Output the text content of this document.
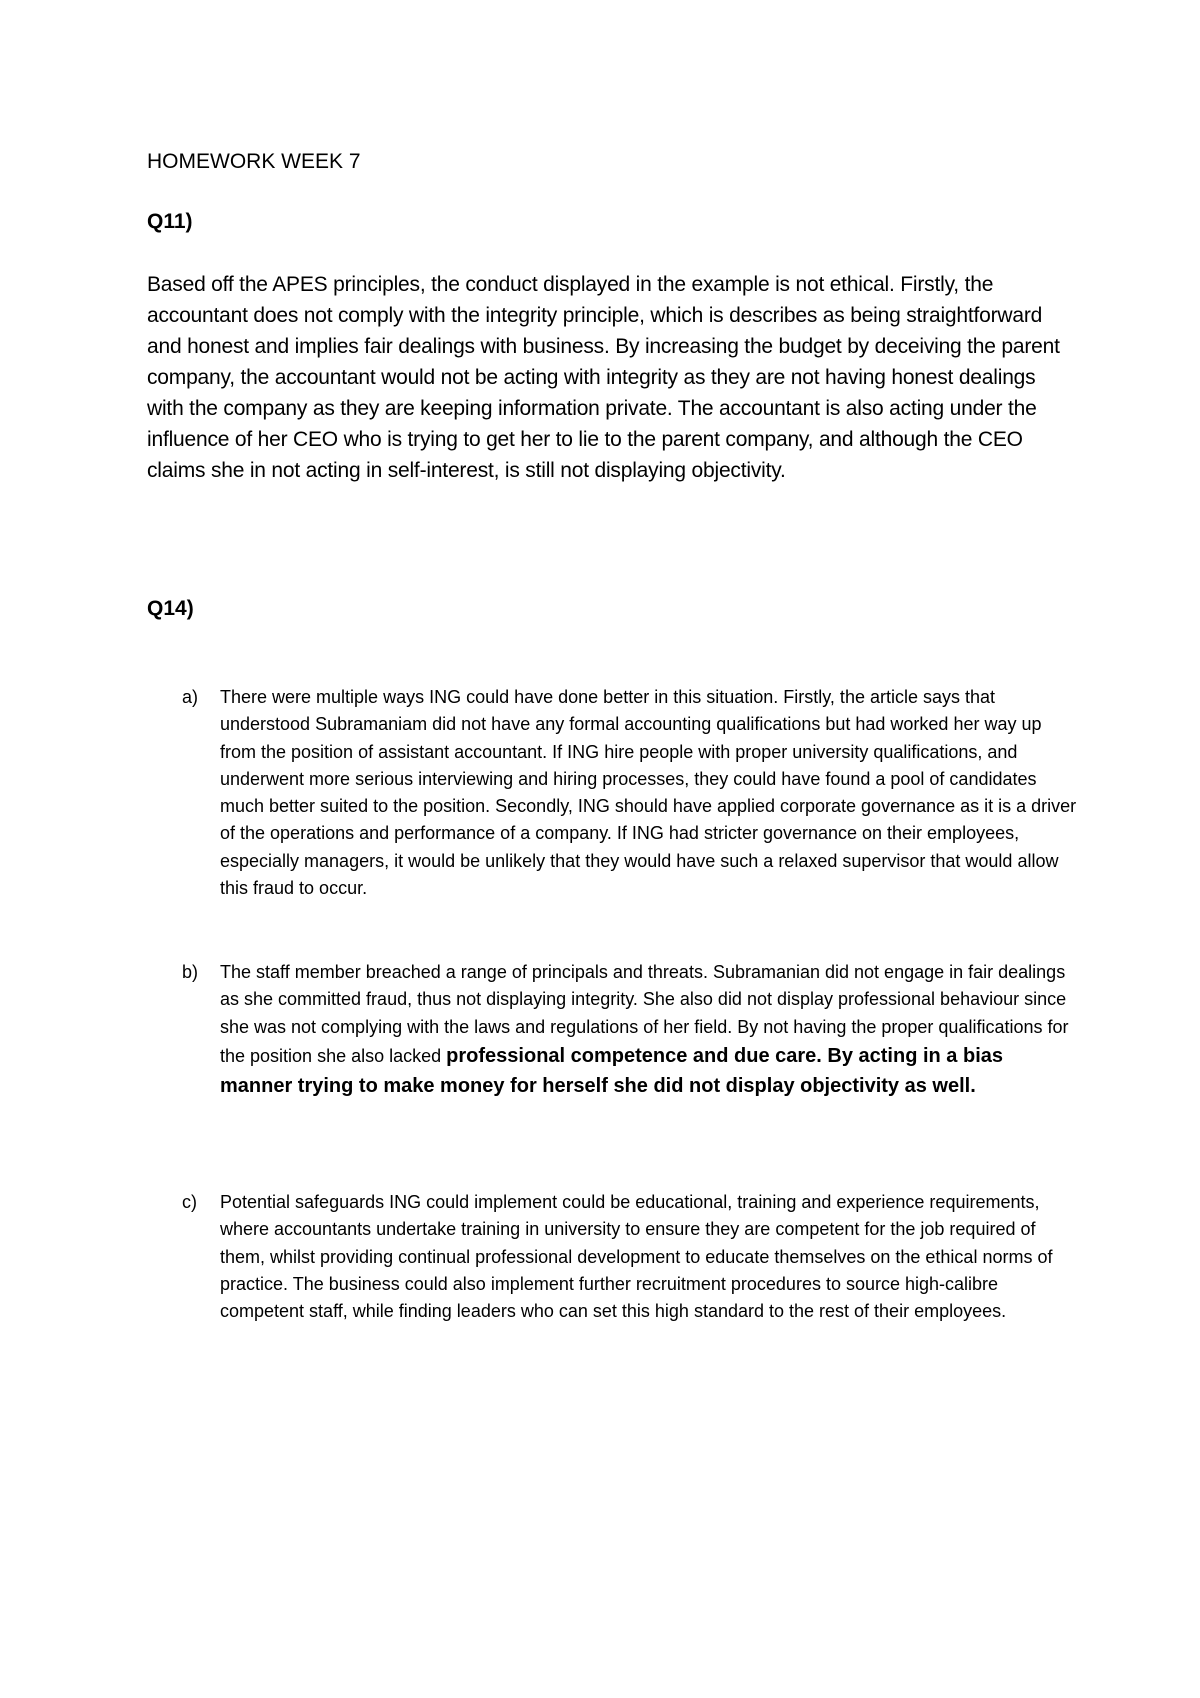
HOMEWORK WEEK 7
Q11)

Based off the APES principles, the conduct displayed in the example is not ethical. Firstly, the accountant does not comply with the integrity principle, which is describes as being straightforward and honest and implies fair dealings with business. By increasing the budget by deceiving the parent company, the accountant would not be acting with integrity as they are not having honest dealings with the company as they are keeping information private. The accountant is also acting under the influence of her CEO who is trying to get her to lie to the parent company, and although the CEO claims she in not acting in self-interest, is still not displaying objectivity.

Q14)
a) There were multiple ways ING could have done better in this situation. Firstly, the article says that understood Subramaniam did not have any formal accounting qualifications but had worked her way up from the position of assistant accountant. If ING hire people with proper university qualifications, and underwent more serious interviewing and hiring processes, they could have found a pool of candidates much better suited to the position. Secondly, ING should have applied corporate governance as it is a driver of the operations and performance of a company. If ING had stricter governance on their employees, especially managers, it would be unlikely that they would have such a relaxed supervisor that would allow this fraud to occur.

b) The staff member breached a range of principals and threats. Subramanian did not engage in fair dealings as she committed fraud, thus not displaying integrity. She also did not display professional behaviour since she was not complying with the laws and regulations of her field. By not having the proper qualifications for the position she also lacked professional competence and due care. By acting in a bias manner trying to make money for herself she did not display objectivity as well.

c) Potential safeguards ING could implement could be educational, training and experience requirements, where accountants undertake training in university to ensure they are competent for the job required of them, whilst providing continual professional development to educate themselves on the ethical norms of practice. The business could also implement further recruitment procedures to source high-calibre competent staff, while finding leaders who can set this high standard to the rest of their employees.
